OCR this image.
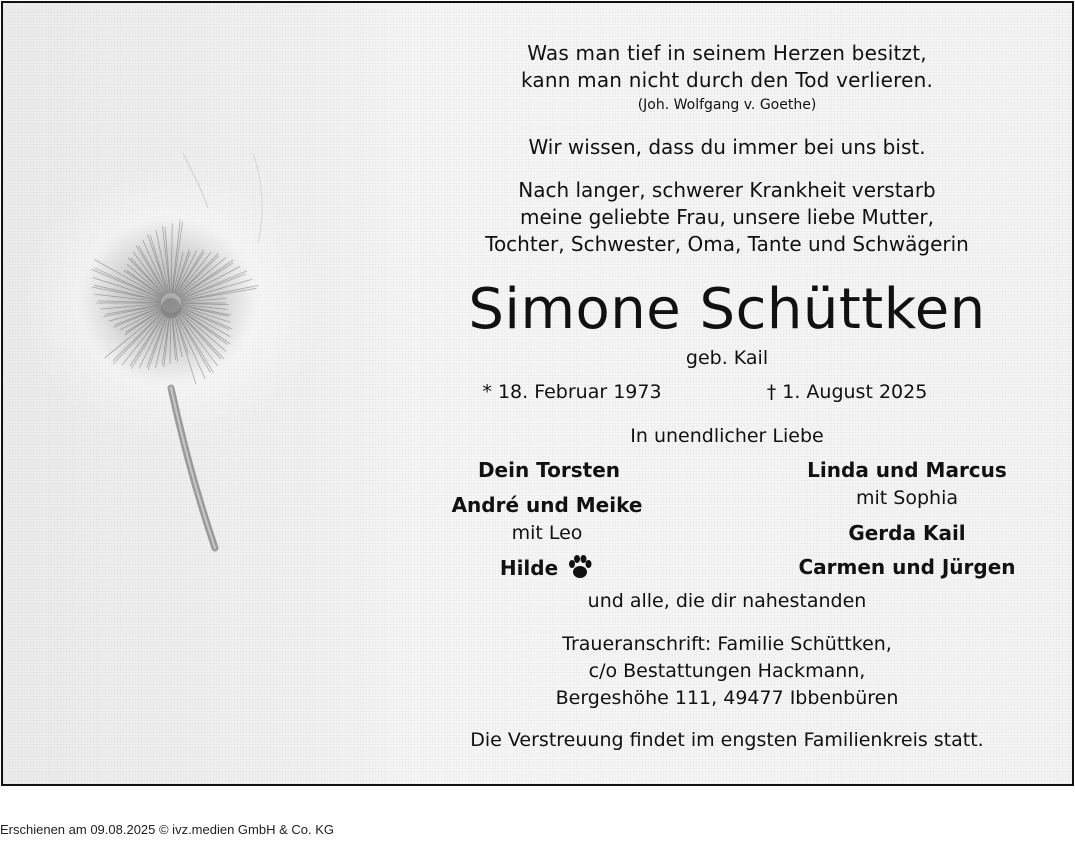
Was man tief in seinem Herzen besitzt,
kann man nicht durch den Tod verlieren.
(Joh. Wolfgang v. Goethe)
Wir wissen, dass du immer bei uns bist.
Nach langer, schwerer Krankheit verstarb
meine geliebte Frau, unsere liebe Mutter,
Tochter, Schwester, Oma, Tante und Schwägerin
Simone Schüttken
geb. Kail
* 18. Februar 1973	† 1. August 2025
In unendlicher Liebe
Dein Torsten
André und Meike
mit Leo
Hilde
Linda und Marcus
mit Sophia
Gerda Kail
Carmen und Jürgen
und alle, die dir nahestanden
Traueranschrift: Familie Schüttken,
c/o Bestattungen Hackmann,
Bergeshöhe 111, 49477 Ibbenbüren
Die Verstreuung findet im engsten Familienkreis statt.
Erschienen am 09.08.2025 © ivz.medien GmbH & Co. KG
